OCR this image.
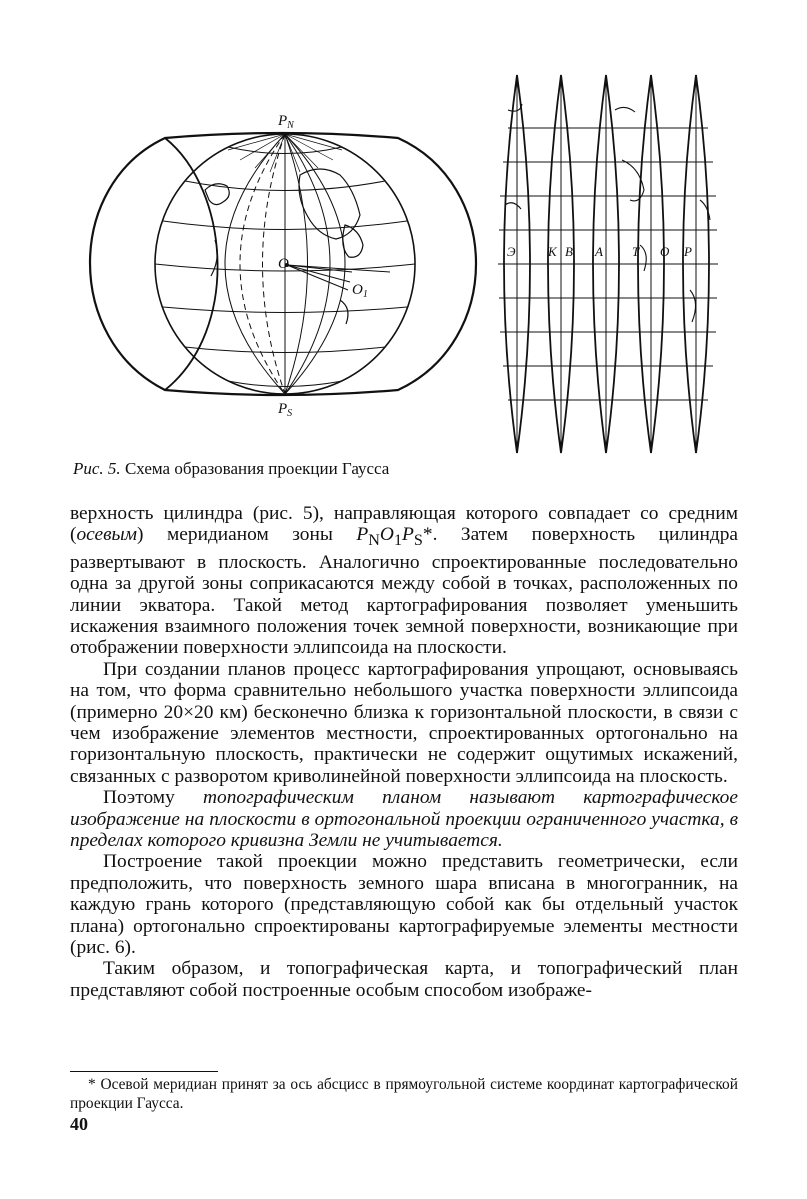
$P_N$
$P_S$
O
$O_1$
Э К В А Т О Р
Рис. 5. Схема образования проекции Гаусса

верхность цилиндра (рис. 5), направляющая которого совпадает со средним (осевым) меридианом зоны $P_NO_1P_S*$. Затем поверхность цилиндра развертывают в плоскость. Аналогично спроектированные последовательно одна за другой зоны соприкасаются между собой в точках, расположенных по линии экватора. Такой метод картографирования позволяет уменьшить искажения взаимного положения точек земной поверхности, возникающие при отображении поверхности эллипсоида на плоскости.

При создании планов процесс картографирования упрощают, основываясь на том, что форма сравнительно небольшого участка поверхности эллипсоида (примерно 20×20 км) бесконечно близка к горизонтальной плоскости, в связи с чем изображение элементов местности, спроектированных ортогонально на горизонтальную плоскость, практически не содержит ощутимых искажений, связанных с разворотом криволинейной поверхности эллипсоида на плоскость.

Поэтому топографическим планом называют картографическое изображение на плоскости в ортогональной проекции ограниченного участка, в пределах которого кривизна Земли не учитывается.

Построение такой проекции можно представить геометрически, если предположить, что поверхность земного шара вписана в многогранник, на каждую грань которого (представляющую собой как бы отдельный участок плана) ортогонально спроектированы картографируемые элементы местности (рис. 6).

Таким образом, и топографическая карта, и топографический план представляют собой построенные особым способом изображе-

* Осевой меридиан принят за ось абсцисс в прямоугольной системе координат картографической проекции Гаусса.

40
